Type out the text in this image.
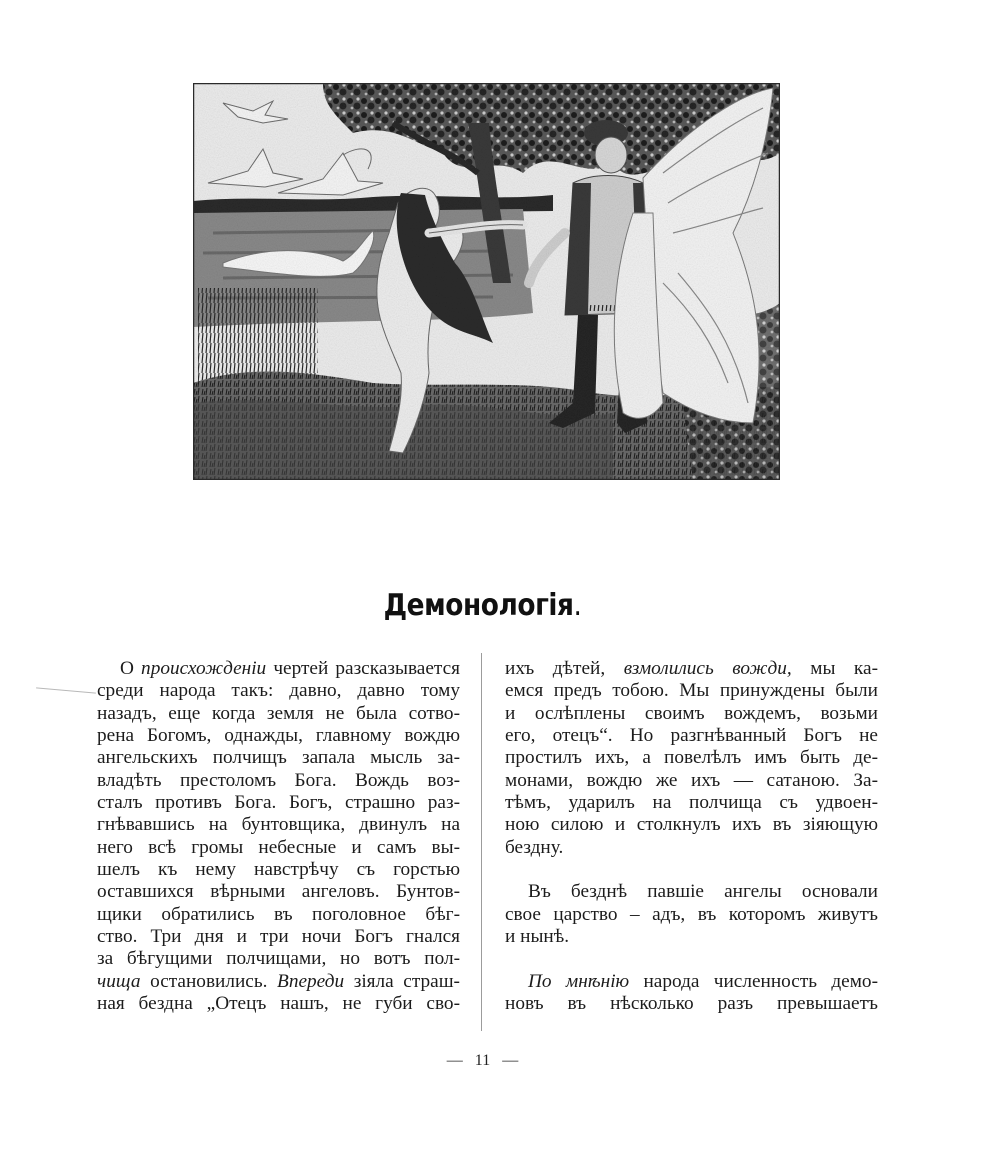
Демонологія.
О происхожденіи чертей разсказывается
среди народа такъ: давно, давно тому
назадъ, еще когда земля не была сотво-
рена Богомъ, однажды, главному вождю
ангельскихъ полчищъ запала мысль за-
владѣть престоломъ Бога. Вождь воз-
сталъ противъ Бога. Богъ, страшно раз-
гнѣвавшись на бунтовщика, двинулъ на
него всѣ громы небесные и самъ вы-
шелъ къ нему навстрѣчу съ горстью
оставшихся вѣрными ангеловъ. Бунтов-
щики обратились въ поголовное бѣг-
ство. Три дня и три ночи Богъ гнался
за бѣгущими полчищами, но вотъ пол-
чища остановились. Впереди зіяла страш-
ная бездна „Отецъ нашъ, не губи сво-
ихъ дѣтей, взмолились вожди, мы ка-
емся предъ тобою. Мы принуждены были
и ослѣплены своимъ вождемъ, возьми
его, отецъ“. Но разгнѣванный Богъ не
простилъ ихъ, а повелѣлъ имъ быть де-
монами, вождю же ихъ — сатаною. За-
тѣмъ, ударилъ на полчища съ удвоен-
ною силою и столкнулъ ихъ въ зіяющую
бездну.
Въ безднѣ павшіе ангелы основали
свое царство – адъ, въ которомъ живутъ
и нынѣ.
По мнѣнію народа численность демо-
новъ въ нѣсколько разъ превышаетъ
— 11 —
